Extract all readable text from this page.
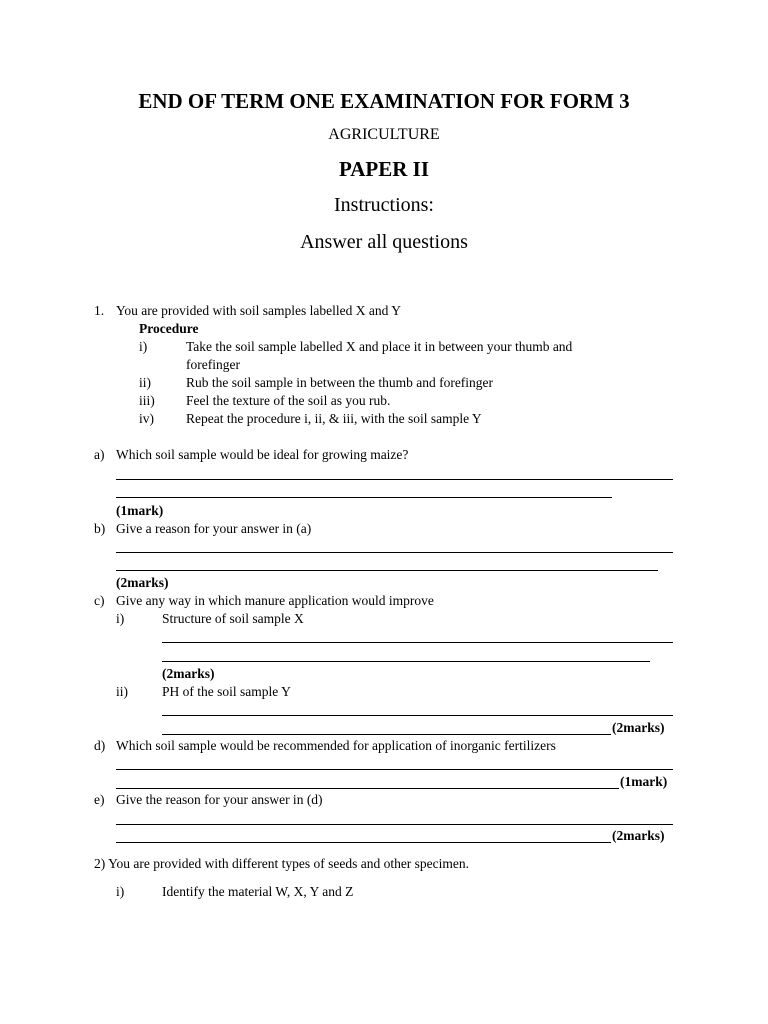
END OF TERM ONE EXAMINATION FOR FORM 3
AGRICULTURE
PAPER II
Instructions:
Answer all questions
1. You are provided with soil samples labelled X and Y
Procedure
i)	Take the soil sample labelled X and place it in between your thumb and
forefinger
ii)	Rub the soil sample in between the thumb and forefinger
iii) Feel the texture of the soil as you rub.
iv) Repeat the procedure i, ii, & iii, with the soil sample Y
a) Which soil sample would be ideal for growing maize?
(1mark)
b) Give a reason for your answer in (a)
(2marks)
c) Give any way in which manure application would improve
i)	Structure of soil sample X
(2marks)
ii)	PH of the soil sample Y
(2marks)
d) Which soil sample would be recommended for application of inorganic fertilizers
(1mark)
e) Give the reason for your answer in (d)
(2marks)
2) You are provided with different types of seeds and other specimen.
i)	Identify the material W, X, Y and Z
